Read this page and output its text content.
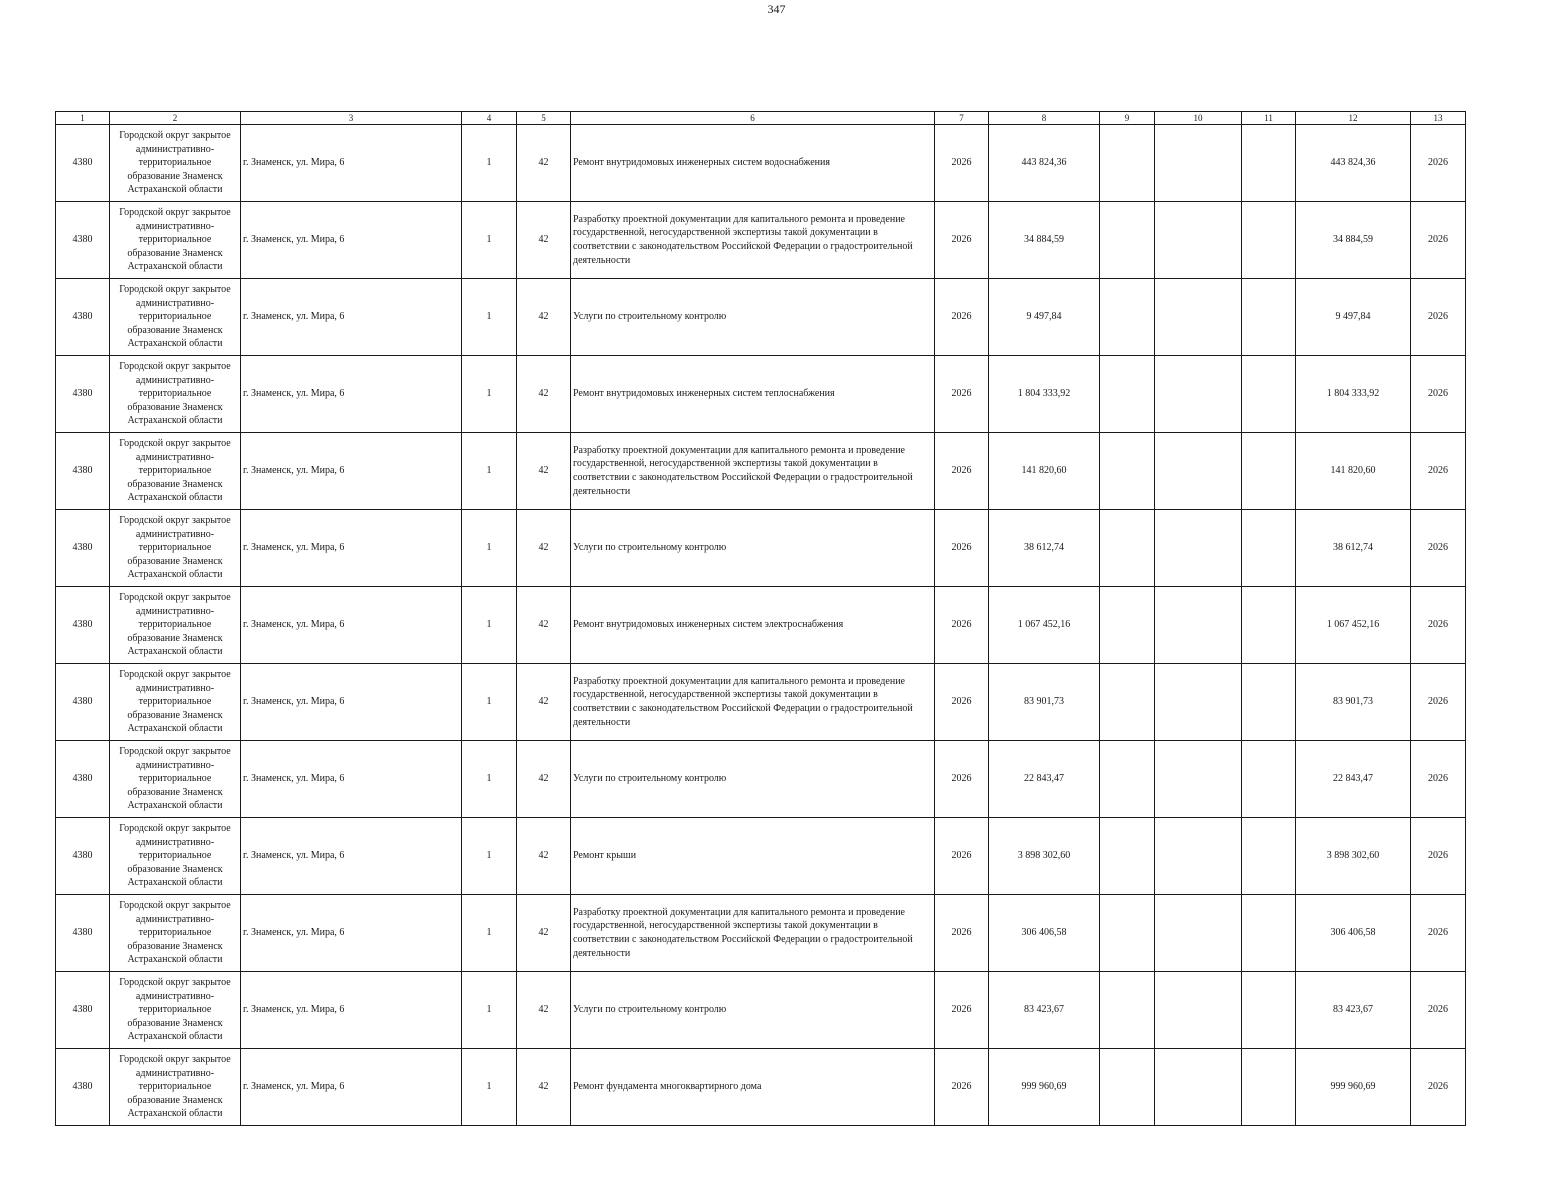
347
1	2	3	4	5	6	7	8	9	10	11	12	13
4380	Городской округ закрытое административно-территориальное образование Знаменск Астраханской области	г. Знаменск, ул. Мира, 6	1	42	Ремонт внутридомовых инженерных систем водоснабжения	2026	443 824,36				443 824,36	2026
4380	Городской округ закрытое административно-территориальное образование Знаменск Астраханской области	г. Знаменск, ул. Мира, 6	1	42	Разработку проектной документации для капитального ремонта и проведение государственной, негосударственной экспертизы такой документации в соответствии с законодательством Российской Федерации о градостроительной деятельности	2026	34 884,59				34 884,59	2026
4380	Городской округ закрытое административно-территориальное образование Знаменск Астраханской области	г. Знаменск, ул. Мира, 6	1	42	Услуги по строительному контролю	2026	9 497,84				9 497,84	2026
4380	Городской округ закрытое административно-территориальное образование Знаменск Астраханской области	г. Знаменск, ул. Мира, 6	1	42	Ремонт внутридомовых инженерных систем теплоснабжения	2026	1 804 333,92				1 804 333,92	2026
4380	Городской округ закрытое административно-территориальное образование Знаменск Астраханской области	г. Знаменск, ул. Мира, 6	1	42	Разработку проектной документации для капитального ремонта и проведение государственной, негосударственной экспертизы такой документации в соответствии с законодательством Российской Федерации о градостроительной деятельности	2026	141 820,60				141 820,60	2026
4380	Городской округ закрытое административно-территориальное образование Знаменск Астраханской области	г. Знаменск, ул. Мира, 6	1	42	Услуги по строительному контролю	2026	38 612,74				38 612,74	2026
4380	Городской округ закрытое административно-территориальное образование Знаменск Астраханской области	г. Знаменск, ул. Мира, 6	1	42	Ремонт внутридомовых инженерных систем электроснабжения	2026	1 067 452,16				1 067 452,16	2026
4380	Городской округ закрытое административно-территориальное образование Знаменск Астраханской области	г. Знаменск, ул. Мира, 6	1	42	Разработку проектной документации для капитального ремонта и проведение государственной, негосударственной экспертизы такой документации в соответствии с законодательством Российской Федерации о градостроительной деятельности	2026	83 901,73				83 901,73	2026
4380	Городской округ закрытое административно-территориальное образование Знаменск Астраханской области	г. Знаменск, ул. Мира, 6	1	42	Услуги по строительному контролю	2026	22 843,47				22 843,47	2026
4380	Городской округ закрытое административно-территориальное образование Знаменск Астраханской области	г. Знаменск, ул. Мира, 6	1	42	Ремонт крыши	2026	3 898 302,60				3 898 302,60	2026
4380	Городской округ закрытое административно-территориальное образование Знаменск Астраханской области	г. Знаменск, ул. Мира, 6	1	42	Разработку проектной документации для капитального ремонта и проведение государственной, негосударственной экспертизы такой документации в соответствии с законодательством Российской Федерации о градостроительной деятельности	2026	306 406,58				306 406,58	2026
4380	Городской округ закрытое административно-территориальное образование Знаменск Астраханской области	г. Знаменск, ул. Мира, 6	1	42	Услуги по строительному контролю	2026	83 423,67				83 423,67	2026
4380	Городской округ закрытое административно-территориальное образование Знаменск Астраханской области	г. Знаменск, ул. Мира, 6	1	42	Ремонт фундамента многоквартирного дома	2026	999 960,69				999 960,69	2026
